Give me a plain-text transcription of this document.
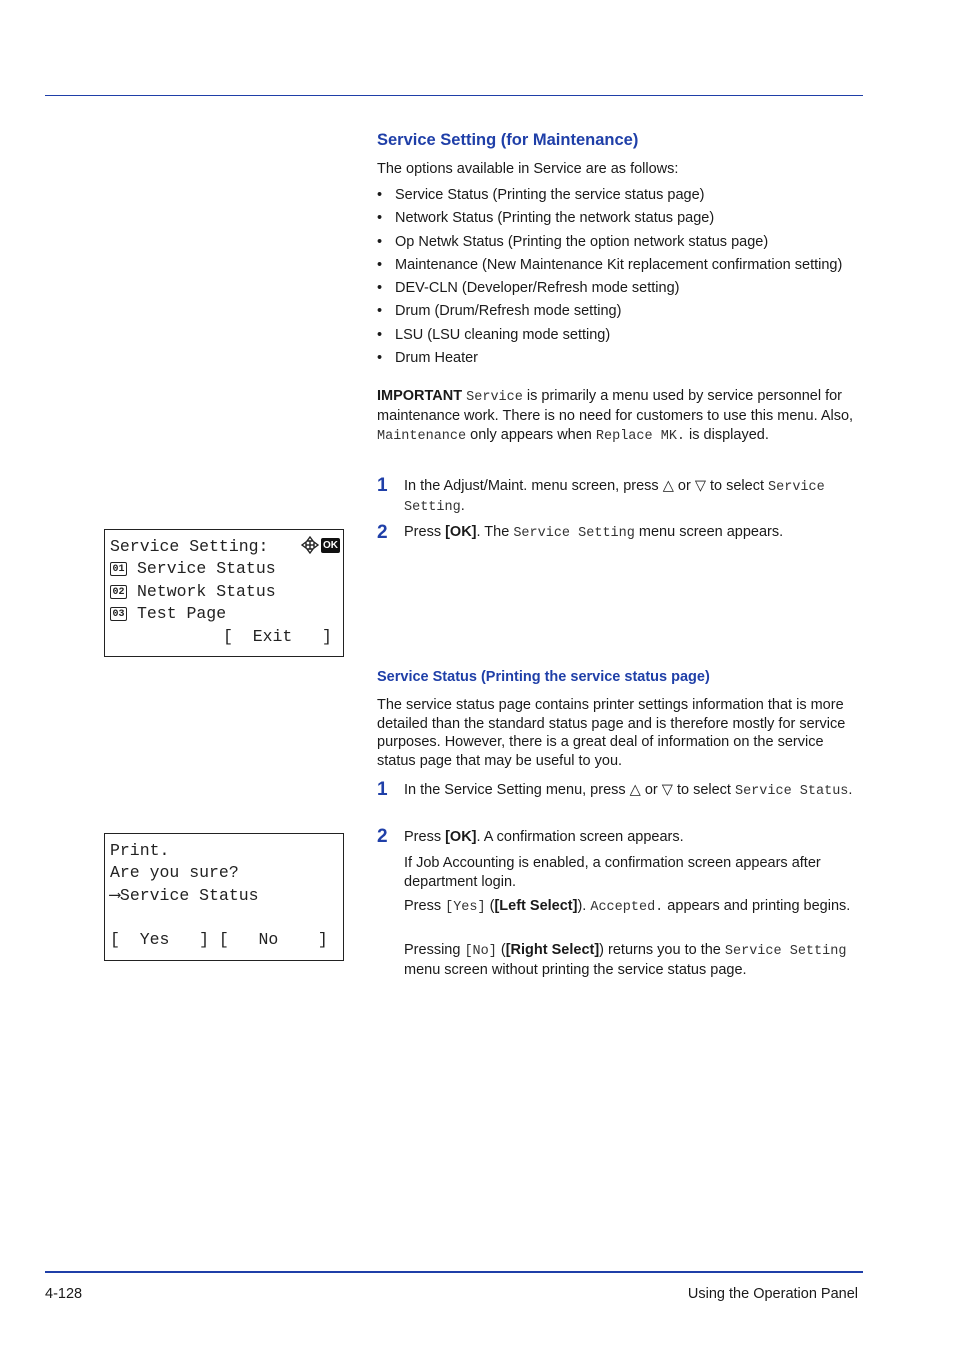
Service Setting (for Maintenance)
The options available in Service are as follows:
• Service Status (Printing the service status page)
• Network Status (Printing the network status page)
• Op Netwk Status (Printing the option network status page)
• Maintenance (New Maintenance Kit replacement confirmation setting)
• DEV-CLN (Developer/Refresh mode setting)
• Drum (Drum/Refresh mode setting)
• LSU (LSU cleaning mode setting)
• Drum Heater
IMPORTANT Service is primarily a menu used by service personnel for maintenance work. There is no need for customers to use this menu. Also, Maintenance only appears when Replace MK. is displayed.
1 In the Adjust/Maint. menu screen, press △ or ▽ to select Service Setting.
2 Press [OK]. The Service Setting menu screen appears.
Service Setting:	OK
01 Service Status
02 Network Status
03 Test Page
[  Exit   ]
Service Status (Printing the service status page)
The service status page contains printer settings information that is more detailed than the standard status page and is therefore mostly for service purposes. However, there is a great deal of information on the service status page that may be useful to you.
1 In the Service Setting menu, press △ or ▽ to select Service Status.
2 Press [OK]. A confirmation screen appears.
If Job Accounting is enabled, a confirmation screen appears after department login.
Press [Yes] ([Left Select]). Accepted. appears and printing begins.
Pressing [No] ([Right Select]) returns you to the Service Setting menu screen without printing the service status page.
Print.
Are you sure?
⟶Service Status
[  Yes   ] [   No    ]
4-128	Using the Operation Panel
